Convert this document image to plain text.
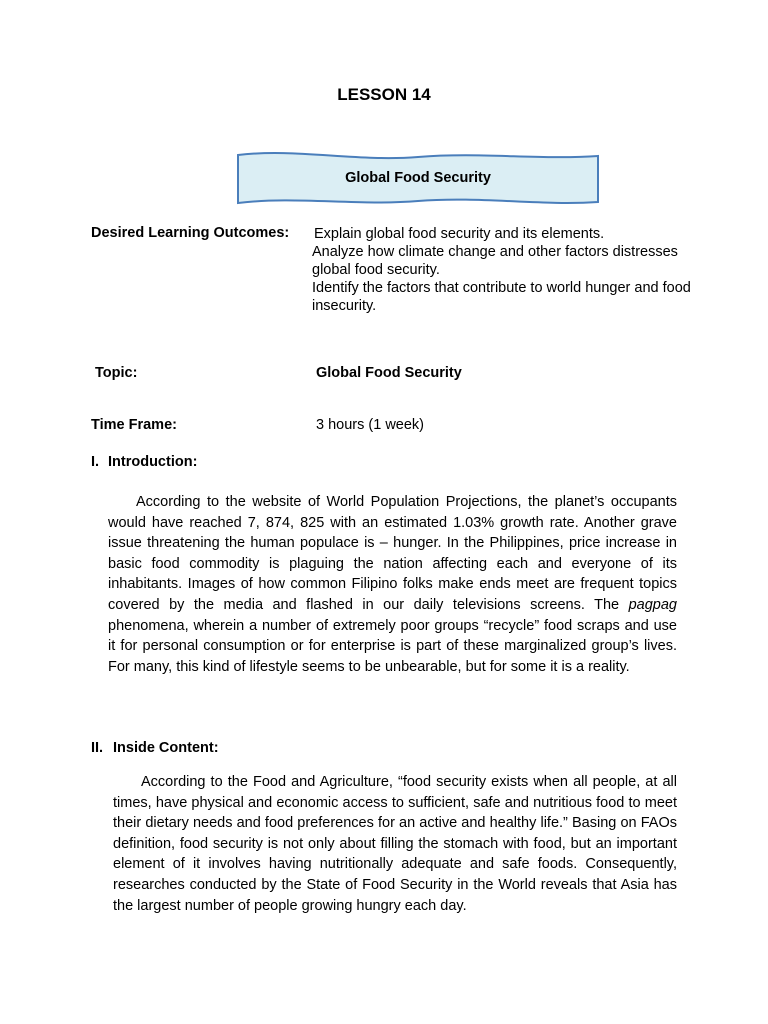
LESSON 14
Global Food Security
Desired Learning Outcomes: Explain global food security and its elements.
Analyze how climate change and other factors distresses global food security.
Identify the factors that contribute to world hunger and food insecurity.
Topic:	Global Food Security
Time Frame:	3 hours (1 week)
I. Introduction:

According to the website of World Population Projections, the planet’s occupants would have reached 7, 874, 825 with an estimated 1.03% growth rate. Another grave issue threatening the human populace is – hunger. In the Philippines, price increase in basic food commodity is plaguing the nation affecting each and everyone of its inhabitants. Images of how common Filipino folks make ends meet are frequent topics covered by the media and flashed in our daily televisions screens. The pagpag phenomena, wherein a number of extremely poor groups “recycle” food scraps and use it for personal consumption or for enterprise is part of these marginalized group’s lives. For many, this kind of lifestyle seems to be unbearable, but for some it is a reality.

II. Inside Content:

According to the Food and Agriculture, “food security exists when all people, at all times, have physical and economic access to sufficient, safe and nutritious food to meet their dietary needs and food preferences for an active and healthy life.” Basing on FAOs definition, food security is not only about filling the stomach with food, but an important element of it involves having nutritionally adequate and safe foods. Consequently, researches conducted by the State of Food Security in the World reveals that Asia has the largest number of people growing hungry each day.
